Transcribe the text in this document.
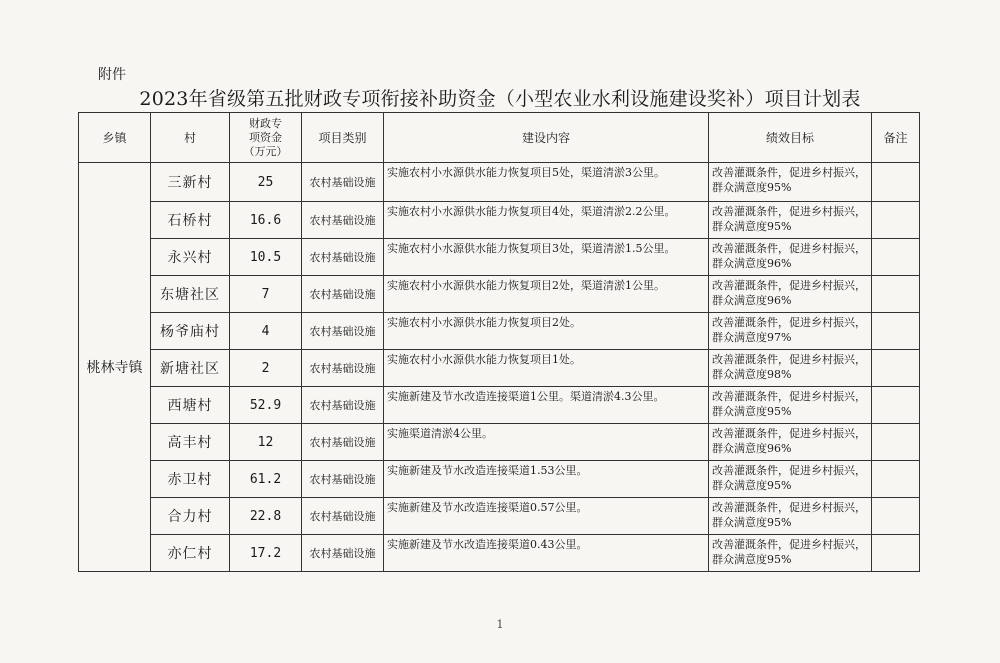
附件
2023年省级第五批财政专项衔接补助资金（小型农业水利设施建设奖补）项目计划表
乡镇	村	财政专
项资金
（万元）	项目类别	建设内容	绩效目标	备注
桃林寺镇	三新村	25	农村基础设施	实施农村小水源供水能力恢复项目5处，渠道清淤3公里。	改善灌溉条件，促进乡村振兴，群众满意度95%	
	石桥村	16.6	农村基础设施	实施农村小水源供水能力恢复项目4处，渠道清淤2.2公里。	改善灌溉条件，促进乡村振兴，群众满意度95%	
	永兴村	10.5	农村基础设施	实施农村小水源供水能力恢复项目3处，渠道清淤1.5公里。	改善灌溉条件，促进乡村振兴，群众满意度96%	
	东塘社区	7	农村基础设施	实施农村小水源供水能力恢复项目2处，渠道清淤1公里。	改善灌溉条件，促进乡村振兴，群众满意度96%	
	杨爷庙村	4	农村基础设施	实施农村小水源供水能力恢复项目2处。	改善灌溉条件，促进乡村振兴，群众满意度97%	
	新塘社区	2	农村基础设施	实施农村小水源供水能力恢复项目1处。	改善灌溉条件，促进乡村振兴，群众满意度98%	
	西塘村	52.9	农村基础设施	实施新建及节水改造连接渠道1公里。渠道清淤4.3公里。	改善灌溉条件，促进乡村振兴，群众满意度95%	
	高丰村	12	农村基础设施	实施渠道清淤4公里。	改善灌溉条件，促进乡村振兴，群众满意度96%	
	赤卫村	61.2	农村基础设施	实施新建及节水改造连接渠道1.53公里。	改善灌溉条件，促进乡村振兴，群众满意度95%	
	合力村	22.8	农村基础设施	实施新建及节水改造连接渠道0.57公里。	改善灌溉条件，促进乡村振兴，群众满意度95%	
	亦仁村	17.2	农村基础设施	实施新建及节水改造连接渠道0.43公里。	改善灌溉条件，促进乡村振兴，群众满意度95%	
1
